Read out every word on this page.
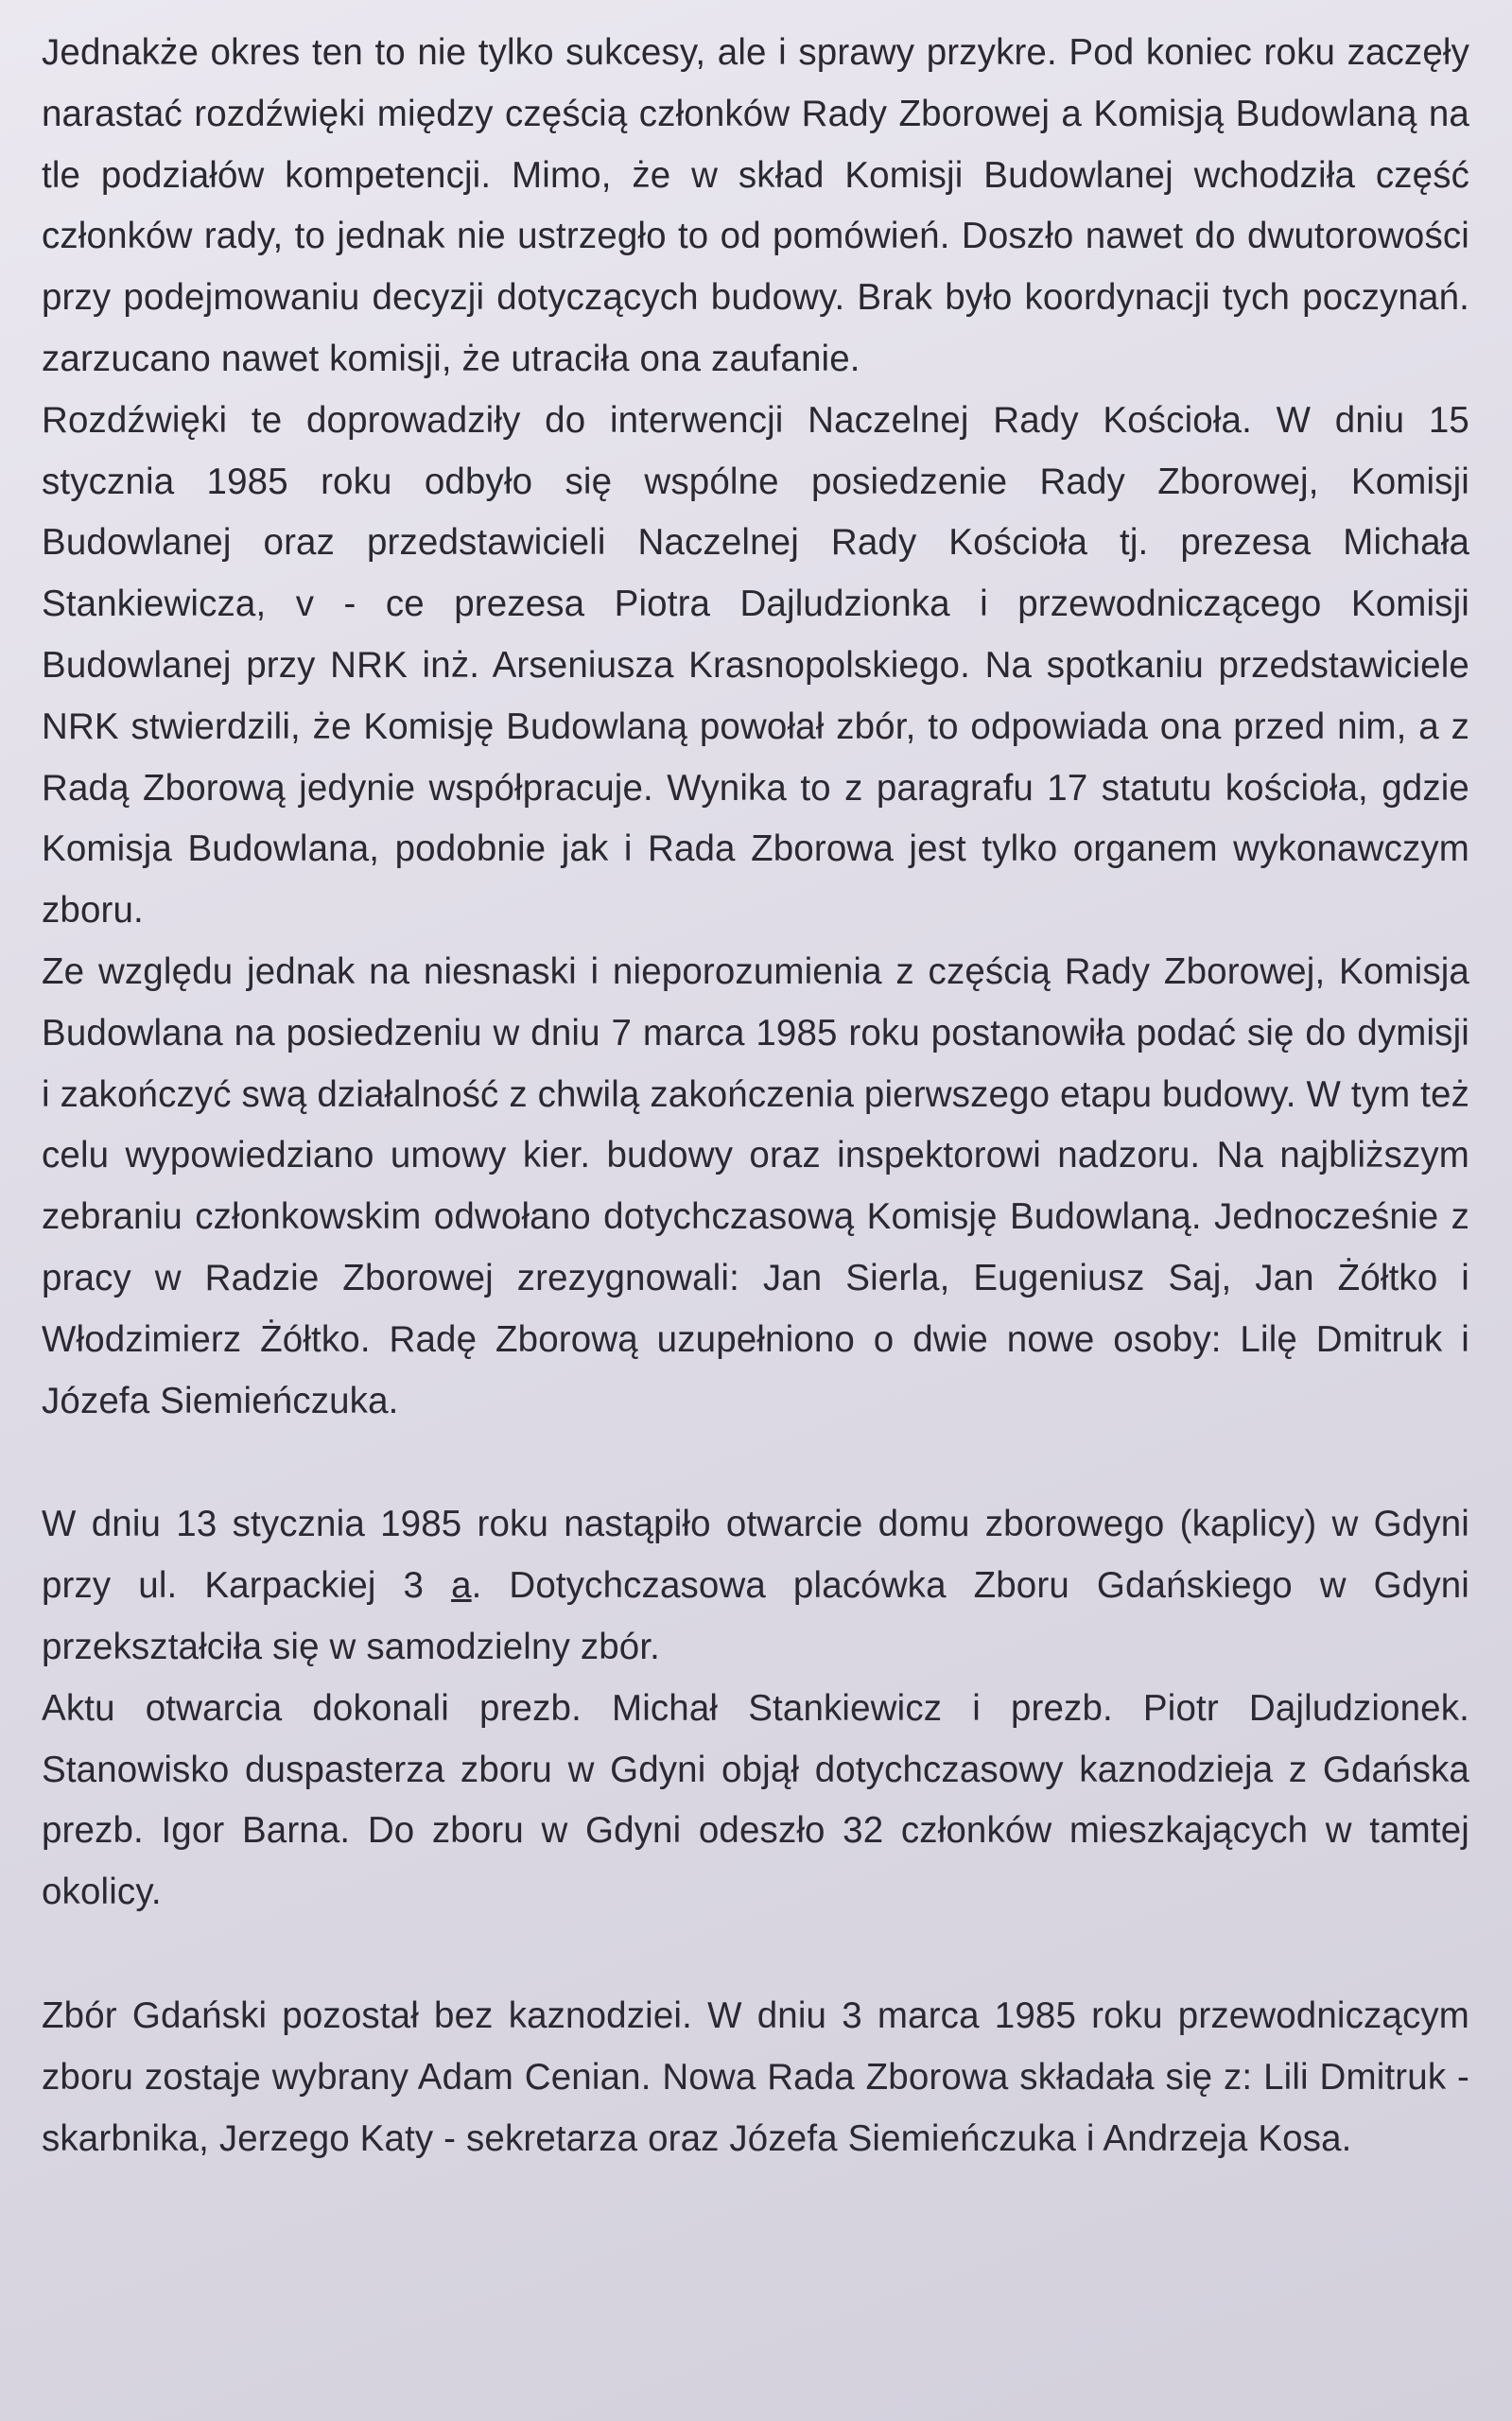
Jednakże okres ten to nie tylko sukcesy, ale i sprawy przykre. Pod koniec roku zaczęły narastać rozdźwięki między częścią członków Rady Zborowej a Komisją Budowlaną na tle podziałów kompetencji. Mimo, że w skład Komisji Budowlanej wchodziła część członków rady, to jednak nie ustrzegło to od pomówień. Doszło nawet do dwutorowości przy podejmowaniu decyzji dotyczących budowy. Brak było koordynacji tych poczynań. zarzucano nawet komisji, że utraciła ona zaufanie.

Rozdźwięki te doprowadziły do interwencji Naczelnej Rady Kościoła. W dniu 15 stycznia 1985 roku odbyło się wspólne posiedzenie Rady Zborowej, Komisji Budowlanej oraz przedstawicieli Naczelnej Rady Kościoła tj. prezesa Michała Stankiewicza, v - ce prezesa Piotra Dajludzionka i przewodniczącego Komisji Budowlanej przy NRK inż. Arseniusza Krasnopolskiego. Na spotkaniu przedstawiciele NRK stwierdzili, że Komisję Budowlaną powołał zbór, to odpowiada ona przed nim, a z Radą Zborową jedynie współpracuje. Wynika to z paragrafu 17 statutu kościoła, gdzie Komisja Budowlana, podobnie jak i Rada Zborowa jest tylko organem wykonawczym zboru.

Ze względu jednak na niesnaski i nieporozumienia z częścią Rady Zborowej, Komisja Budowlana na posiedzeniu w dniu 7 marca 1985 roku postanowiła podać się do dymisji i zakończyć swą działalność z chwilą zakończenia pierwszego etapu budowy. W tym też celu wypowiedziano umowy kier. budowy oraz inspektorowi nadzoru. Na najbliższym zebraniu członkowskim odwołano dotychczasową Komisję Budowlaną. Jednocześnie z pracy w Radzie Zborowej zrezygnowali: Jan Sierla, Eugeniusz Saj, Jan Żółtko i Włodzimierz Żółtko. Radę Zborową uzupełniono o dwie nowe osoby: Lilę Dmitruk i Józefa Siemieńczuka.

W dniu 13 stycznia 1985 roku nastąpiło otwarcie domu zborowego (kaplicy) w Gdyni przy ul. Karpackiej 3 a. Dotychczasowa placówka Zboru Gdańskiego w Gdyni przekształciła się w samodzielny zbór.

Aktu otwarcia dokonali prezb. Michał Stankiewicz i prezb. Piotr Dajludzionek. Stanowisko duspasterza zboru w Gdyni objął dotychczasowy kaznodzieja z Gdańska prezb. Igor Barna. Do zboru w Gdyni odeszło 32 członków mieszkających w tamtej okolicy.

Zbór Gdański pozostał bez kaznodziei. W dniu 3 marca 1985 roku przewodniczącym zboru zostaje wybrany Adam Cenian. Nowa Rada Zborowa składała się z: Lili Dmitruk - skarbnika, Jerzego Katy - sekretarza oraz Józefa Siemieńczuka i Andrzeja Kosa.
